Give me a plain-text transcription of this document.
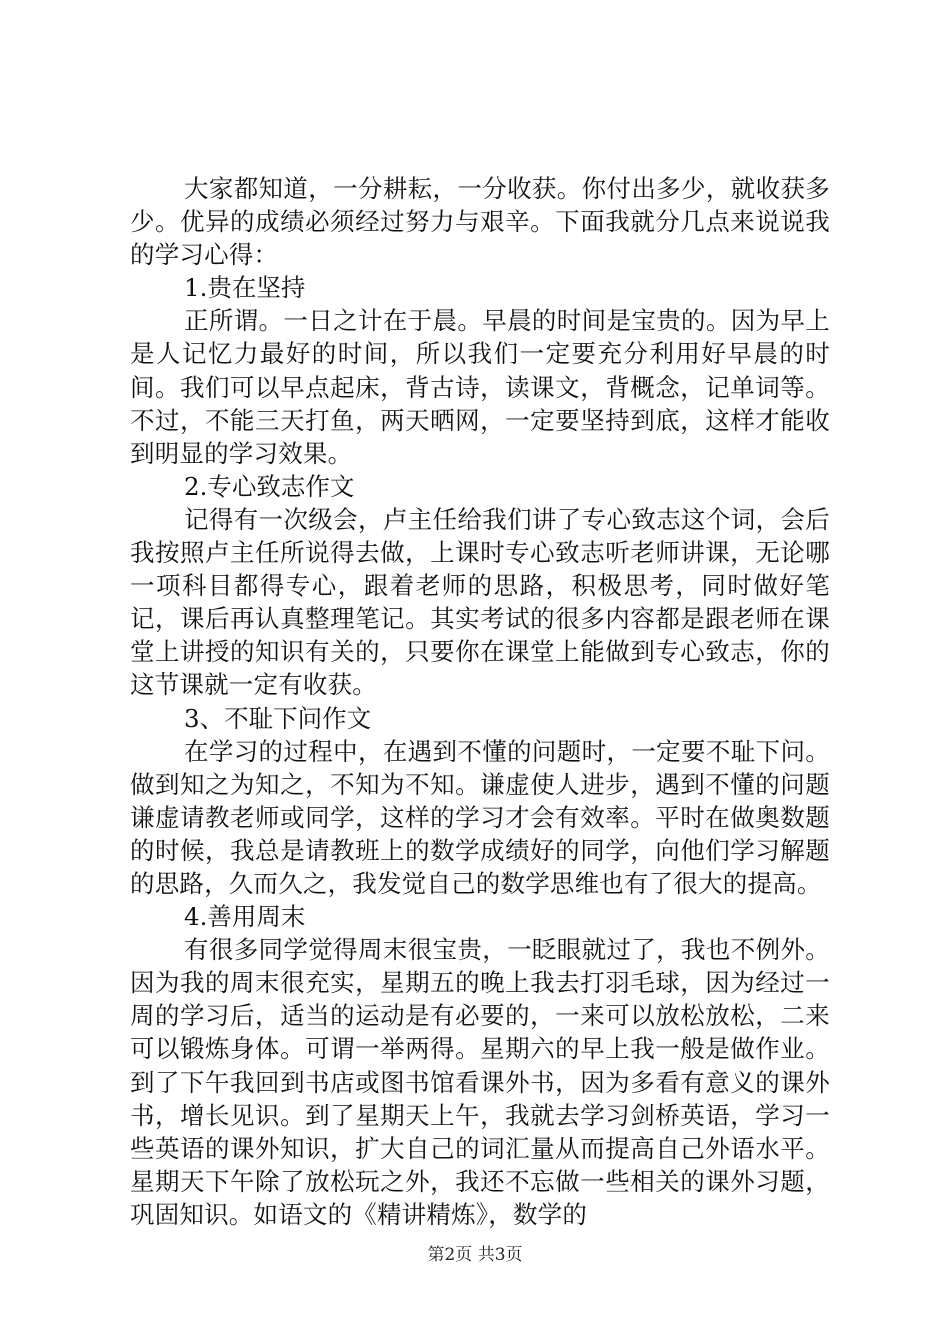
大家都知道，一分耕耘，一分收获。你付出多少，就收获多少。优异的成绩必须经过努力与艰辛。下面我就分几点来说说我的学习心得：

1.贵在坚持

正所谓。一日之计在于晨。早晨的时间是宝贵的。因为早上是人记忆力最好的时间，所以我们一定要充分利用好早晨的时间。我们可以早点起床，背古诗，读课文，背概念，记单词等。不过，不能三天打鱼，两天晒网，一定要坚持到底，这样才能收到明显的学习效果。

2.专心致志作文

记得有一次级会，卢主任给我们讲了专心致志这个词，会后我按照卢主任所说得去做，上课时专心致志听老师讲课，无论哪一项科目都得专心，跟着老师的思路，积极思考，同时做好笔记，课后再认真整理笔记。其实考试的很多内容都是跟老师在课堂上讲授的知识有关的，只要你在课堂上能做到专心致志，你的这节课就一定有收获。

3、不耻下问作文

在学习的过程中，在遇到不懂的问题时，一定要不耻下问。做到知之为知之，不知为不知。谦虚使人进步，遇到不懂的问题谦虚请教老师或同学，这样的学习才会有效率。平时在做奥数题的时候，我总是请教班上的数学成绩好的同学，向他们学习解题的思路，久而久之，我发觉自己的数学思维也有了很大的提高。

4.善用周末

有很多同学觉得周末很宝贵，一眨眼就过了，我也不例外。因为我的周末很充实，星期五的晚上我去打羽毛球，因为经过一周的学习后，适当的运动是有必要的，一来可以放松放松，二来可以锻炼身体。可谓一举两得。星期六的早上我一般是做作业。到了下午我回到书店或图书馆看课外书，因为多看有意义的课外书，增长见识。到了星期天上午，我就去学习剑桥英语，学习一些英语的课外知识，扩大自己的词汇量从而提高自己外语水平。星期天下午除了放松玩之外，我还不忘做一些相关的课外习题，巩固知识。如语文的《精讲精炼》，数学的

第2页 共3页
